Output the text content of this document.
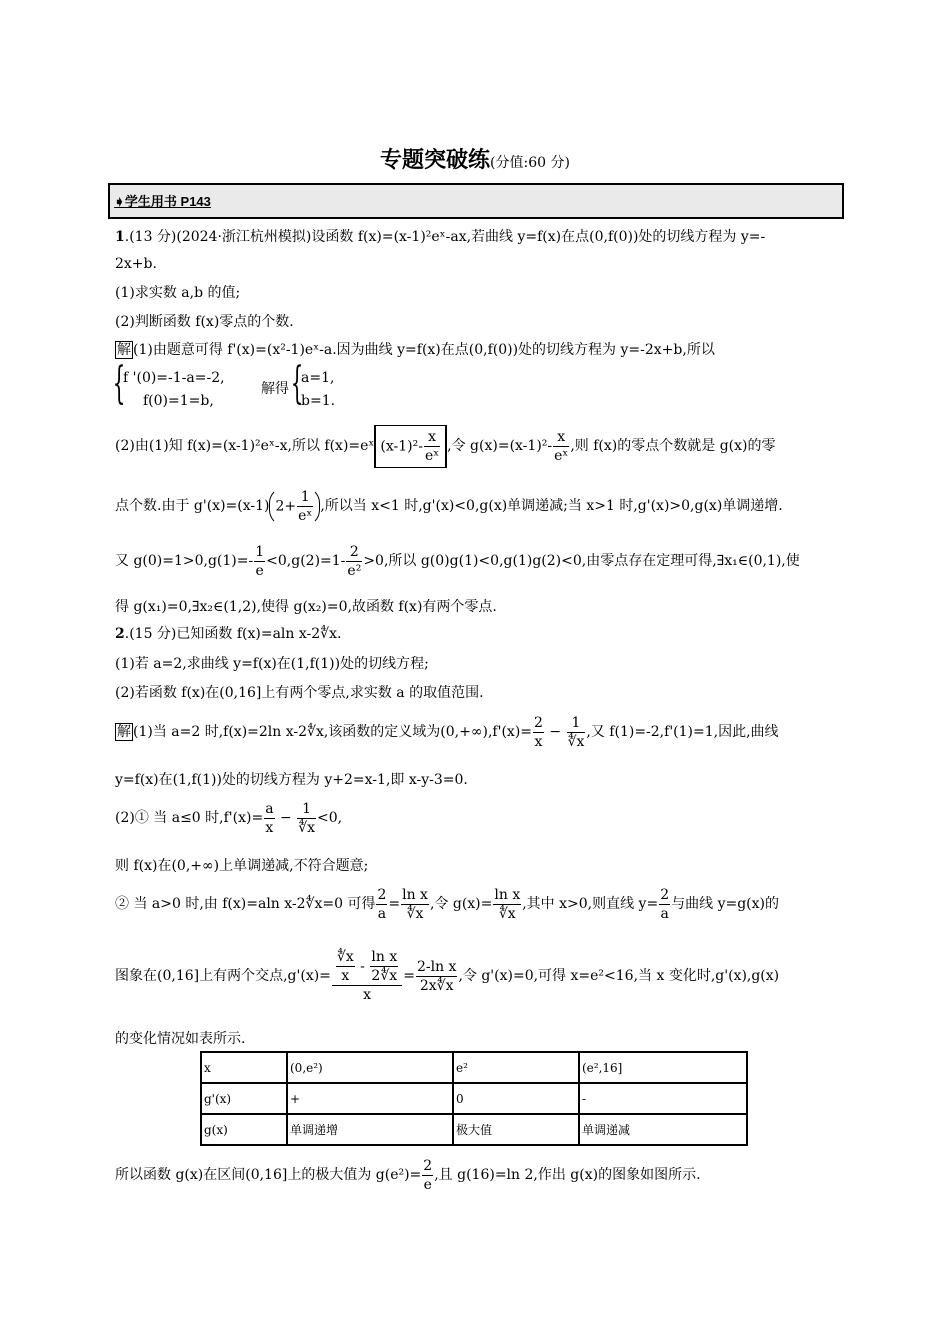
专题突破练(分值:60 分)
➧学生用书 P143
1.(13 分)(2024·浙江杭州模拟)设函数 f(x)=(x-1)²eˣ-ax,若曲线 y=f(x)在点(0,f(0))处的切线方程为 y=-
2x+b.
(1)求实数 a,b 的值;
(2)判断函数 f(x)零点的个数.
解 (1)由题意可得 f'(x)=(x²-1)eˣ-a.因为曲线 y=f(x)在点(0,f(0))处的切线方程为 y=-2x+b,所以
{
f '(0)=-1-a=-2,
f(0)=1=b,
解得 {
a=1,
b=1.
(2)由(1)知 f(x)=(x-1)²eˣ-x,所以 f(x)=eˣ $(x-1)^2- \frac{x}{\text{eˣ}}$ ,令 $g(x)=(x-1)^2- \frac{x}{\text{eˣ}}$ ,则 f(x)的零点个数就是 g(x)的零
点个数.由于 g'(x)=(x-1) $2+ \frac{1}{\text{eˣ}}$ ,所以当 x<1 时,g'(x)<0,g(x)单调递减;当 x>1 时,g'(x)>0,g(x)单调递增.
又 $g(0)=1>0,g(1)=- \frac{1}{e} <0,g(2)=1- \frac{2}{\text{e²}} >0$,所以 g(0)g(1)<0,g(1)g(2)<0,由零点存在定理可得,∃x₁∈(0,1),使
得 g(x₁)=0,∃x₂∈(1,2),使得 g(x₂)=0,故函数 f(x)有两个零点.
2.(15 分)已知函数 f(x)=aln x-2∜x.
(1)若 a=2,求曲线 y=f(x)在(1,f(1))处的切线方程;
(2)若函数 f(x)在(0,16]上有两个零点,求实数 a 的取值范围.
解 (1)当 a=2 时,f(x)=2ln x-2∜x,该函数的定义域为$(0,+\infty),f'(x)= \frac{2}{x} - \frac{1}{∜x}$ ,又 f(1)=-2,f'(1)=1,因此,曲线
y=f(x)在(1,f(1))处的切线方程为 y+2=x-1,即 x-y-3=0.
(2)① 当 a≤0 时$,f'(x)= \frac{a}{x} - \frac{1}{∜x} <0$,
则 f(x)在(0,+∞)上单调递减,不符合题意;
② 当 a>0 时,由 f(x)=aln x-2∜x=0 可得 $\frac{2}{a} = \frac{\text{ln x}}{∜x}$ ,令 $g(x)= \frac{\text{ln x}}{∜x}$ ,其中 x>0,则直线 $y= \frac{2}{a}$ 与曲线 y=g(x)的
图象在(0,16]上有两个交点$,g'(x)= \frac{\frac{∜x}{x} - \frac{\text{ln x}}{2∜x}}{x} = \frac{\text{2-ln x}}{2x∜x}$ ,令 g'(x)=0,可得 x=e²<16,当 x 变化时,g'(x),g(x)
的变化情况如表所示.
x	(0,e²)	e²	(e²,16]
g'(x)	+	0	-
g(x)	单调递增	极大值	单调递减
所以函数 g(x)在区间(0,16]上的极大值为 $g(e^2)= \frac{2}{e}$ ,且 g(16)=ln 2,作出 g(x)的图象如图所示.
